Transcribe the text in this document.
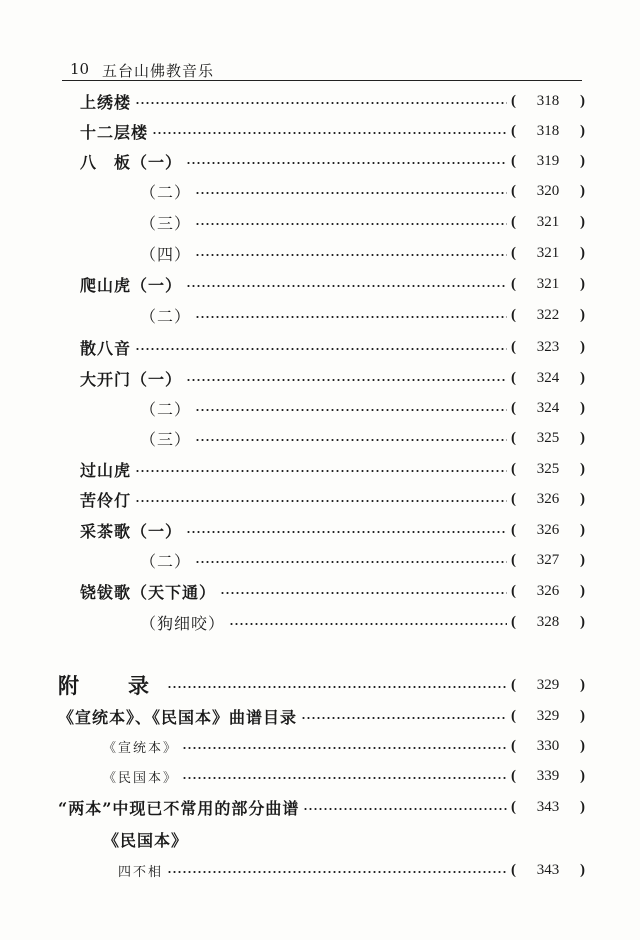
10 五台山佛教音乐
上绣楼	( 318 )
十二层楼	( 318 )
八　板（一）	( 319 )
（二）	( 320 )
（三）	( 321 )
（四）	( 321 )
爬山虎（一）	( 321 )
（二）	( 322 )
散八音	( 323 )
大开门（一）	( 324 )
（二）	( 324 )
（三）	( 325 )
过山虎	( 325 )
苦伶仃	( 326 )
采茶歌（一）	( 326 )
（二）	( 327 )
铙钹歌（天下通）	( 326 )
（狗细咬）	( 328 )
附　录	( 329 )
《宣统本》、《民国本》曲谱目录	( 329 )
《宣统本》	( 330 )
《民国本》	( 339 )
“两本”中现已不常用的部分曲谱	( 343 )
《民国本》
四不相	( 343 )
